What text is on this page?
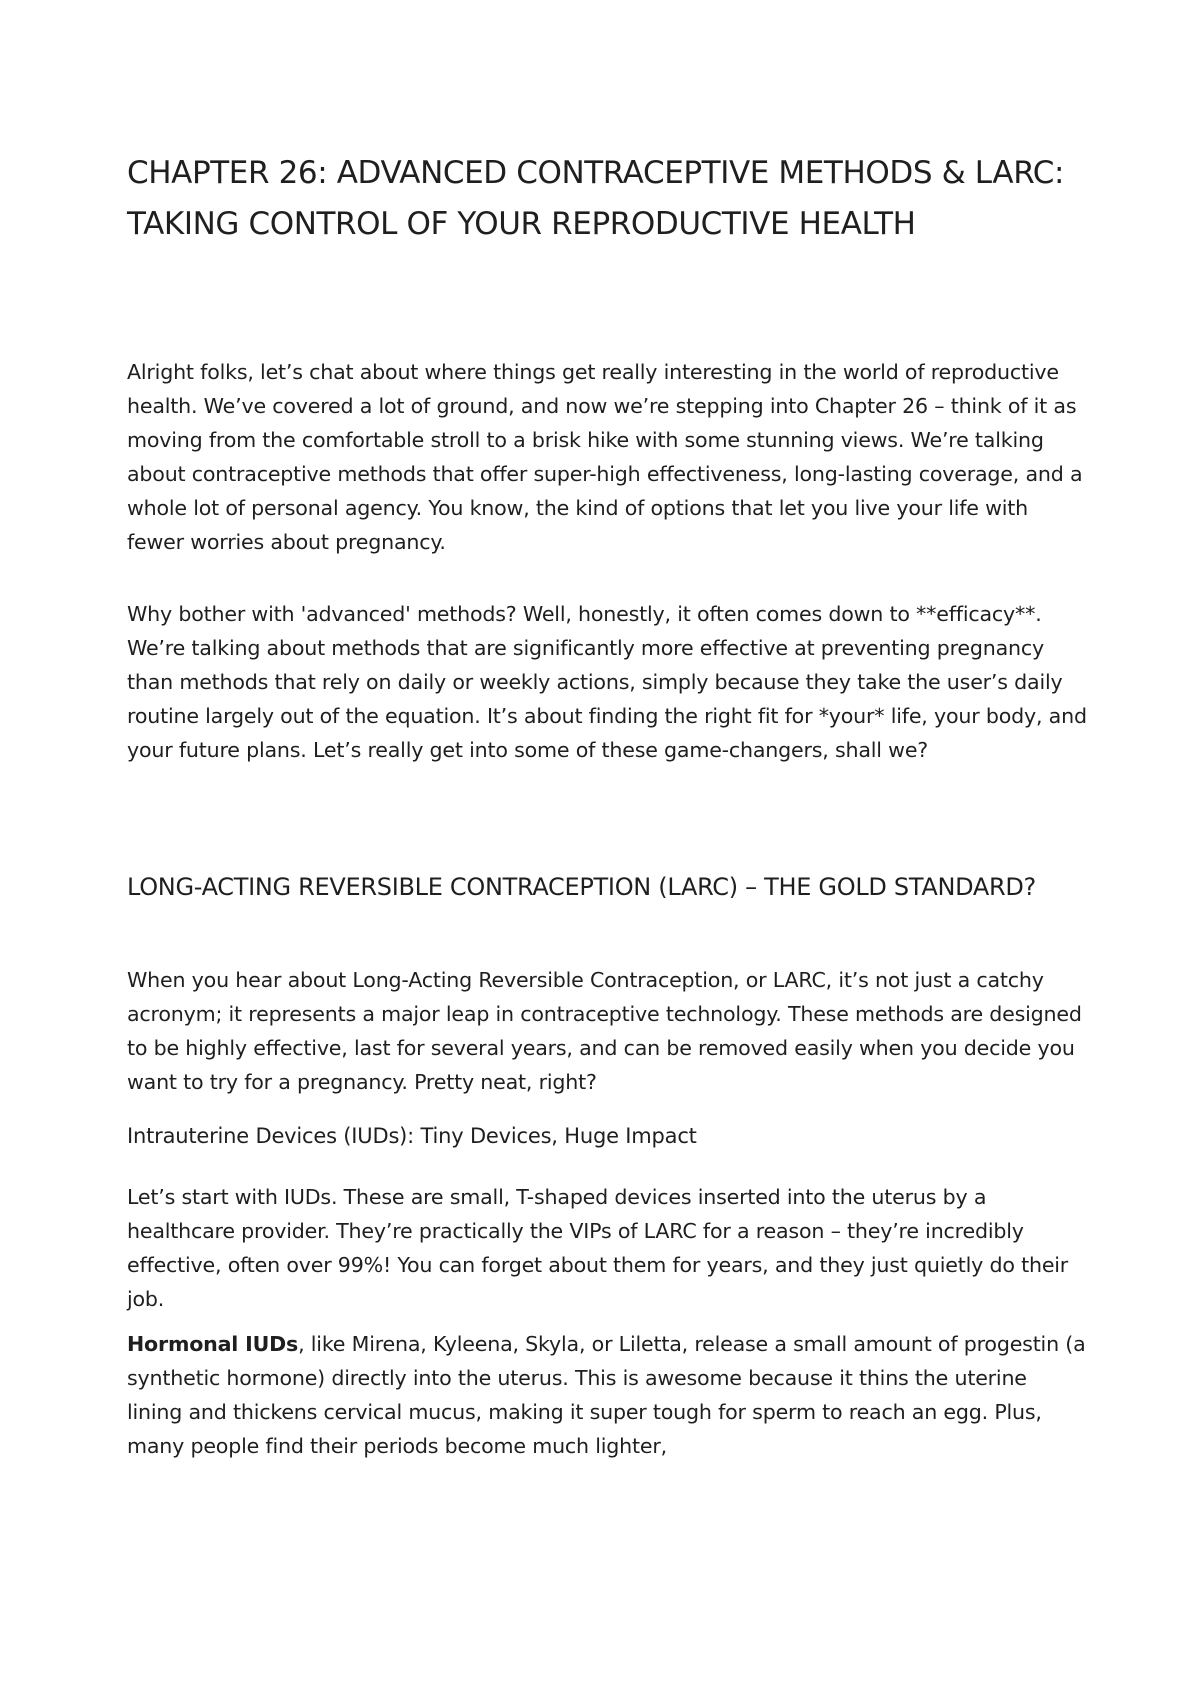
CHAPTER 26: ADVANCED CONTRACEPTIVE METHODS & LARC: TAKING CONTROL OF YOUR REPRODUCTIVE HEALTH

Alright folks, let’s chat about where things get really interesting in the world of reproductive health. We’ve covered a lot of ground, and now we’re stepping into Chapter 26 – think of it as moving from the comfortable stroll to a brisk hike with some stunning views. We’re talking about contraceptive methods that offer super-high effectiveness, long-lasting coverage, and a whole lot of personal agency. You know, the kind of options that let you live your life with fewer worries about pregnancy.

Why bother with 'advanced' methods? Well, honestly, it often comes down to **efficacy**. We’re talking about methods that are significantly more effective at preventing pregnancy than methods that rely on daily or weekly actions, simply because they take the user’s daily routine largely out of the equation. It’s about finding the right fit for *your* life, your body, and your future plans. Let’s really get into some of these game-changers, shall we?

LONG-ACTING REVERSIBLE CONTRACEPTION (LARC) – THE GOLD STANDARD?

When you hear about Long-Acting Reversible Contraception, or LARC, it’s not just a catchy acronym; it represents a major leap in contraceptive technology. These methods are designed to be highly effective, last for several years, and can be removed easily when you decide you want to try for a pregnancy. Pretty neat, right?

Intrauterine Devices (IUDs): Tiny Devices, Huge Impact

Let’s start with IUDs. These are small, T-shaped devices inserted into the uterus by a healthcare provider. They’re practically the VIPs of LARC for a reason – they’re incredibly effective, often over 99%! You can forget about them for years, and they just quietly do their job.

Hormonal IUDs, like Mirena, Kyleena, Skyla, or Liletta, release a small amount of progestin (a synthetic hormone) directly into the uterus. This is awesome because it thins the uterine lining and thickens cervical mucus, making it super tough for sperm to reach an egg. Plus, many people find their periods become much lighter,
